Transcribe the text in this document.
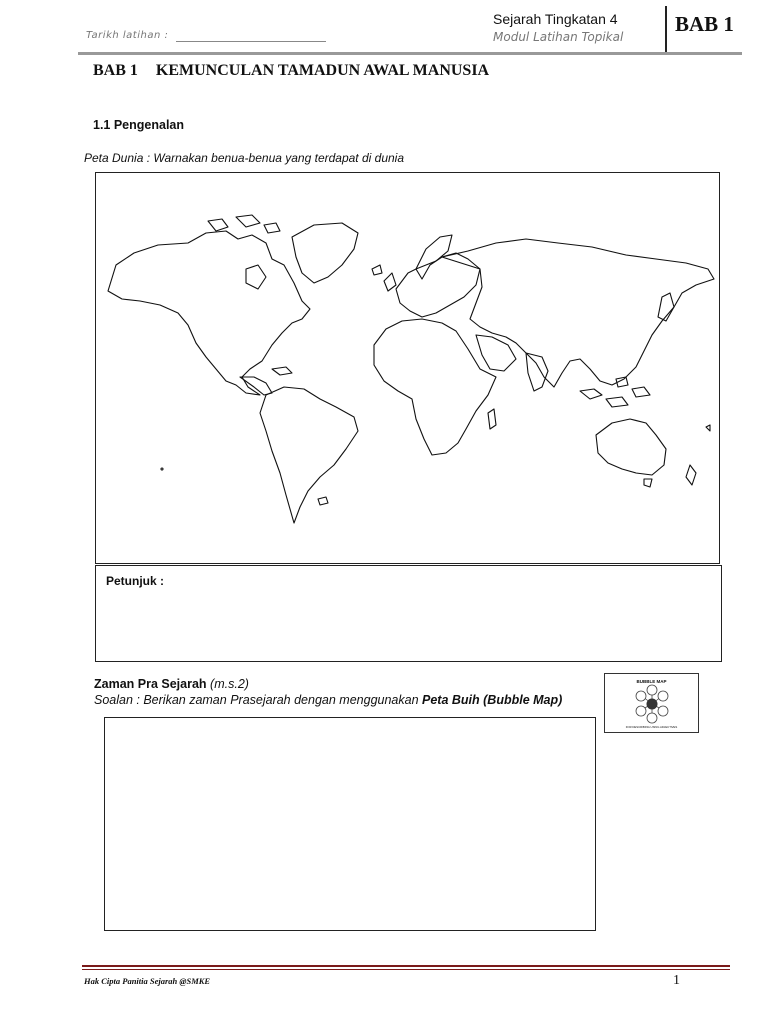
Tarikh latihan :
Sejarah Tingkatan 4
Modul Latihan Topikal
BAB 1
BAB 1 KEMUNCULAN TAMADUN AWAL MANUSIA
1.1 Pengenalan
Peta Dunia : Warnakan benua-benua yang terdapat di dunia
Petunjuk :
Zaman Pra Sejarah (m.s.2)
Soalan : Berikan zaman Prasejarah dengan menggunakan Peta Buih (Bubble Map)
BUBBLE MAP
FOR DESCRIBING USING ADJECTIVES
Hak Cipta Panitia Sejarah @SMKE	1
